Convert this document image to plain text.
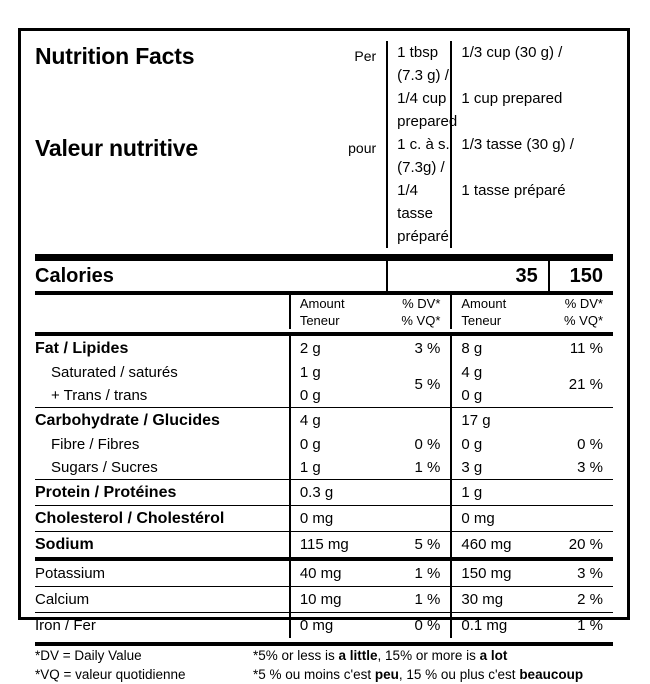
Nutrition Facts	Per	1 tbsp (7.3 g) /	1/3 cup (30 g) /	
		1/4 cup prepared	1 cup prepared	
Valeur nutritive	pour	1 c. à s. (7.3g) /	1/3 tasse (30 g) /	
		1/4 tasse préparé	1 tasse préparé	

Calories		35		150

	Amount	% DV*	Amount	% DV*
	Teneur	% VQ*	Teneur	% VQ*

Fat / Lipides	2 g	3 %	8 g	11 %
Saturated / saturés	1 g	5 %	4 g	21 %
+ Trans / trans	0 g		0 g	

Carbohydrate / Glucides	4 g		17 g	
Fibre / Fibres	0 g	0 %	0 g	0 %
Sugars / Sucres	1 g	1 %	3 g	3 %

Protein / Protéines	0.3 g		1 g	

Cholesterol / Cholestérol	0 mg		0 mg	

Sodium	115 mg	5 %	460 mg	20 %

Potassium	40 mg	1 %	150 mg	3 %

Calcium	10 mg	1 %	30 mg	2 %

Iron / Fer	0 mg	0 %	0.1 mg	1 %

*DV = Daily Value	*5% or less is a little, 15% or more is a lot
*VQ = valeur quotidienne	*5 % ou moins c'est peu, 15 % ou plus c'est beaucoup
